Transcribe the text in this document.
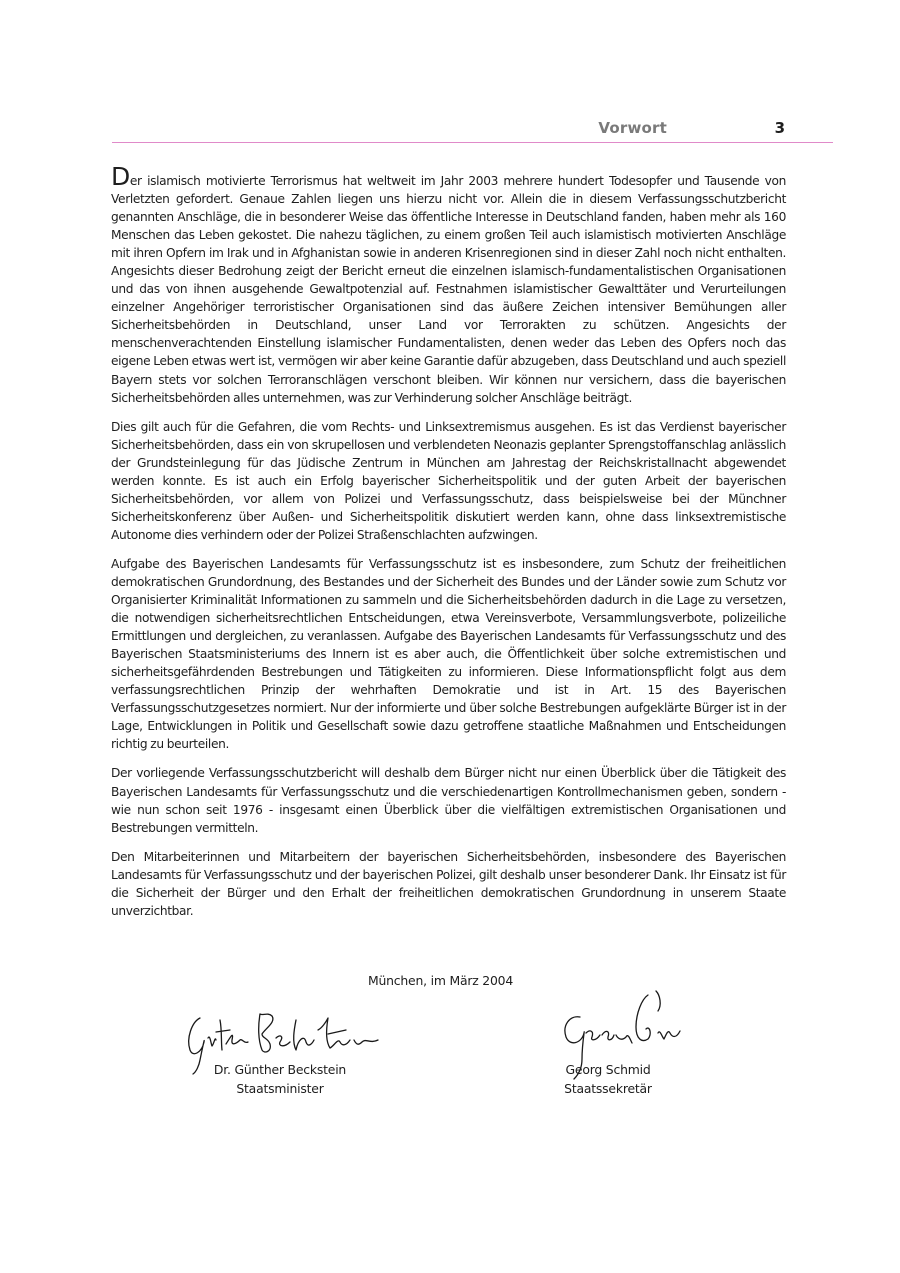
Vorwort	3

Der islamisch motivierte Terrorismus hat weltweit im Jahr 2003 mehrere hundert Todesopfer und Tausende von Verletzten gefordert. Genaue Zahlen liegen uns hierzu nicht vor. Allein die in diesem Verfassungsschutzbericht genannten Anschläge, die in besonderer Weise das öffentliche Interesse in Deutschland fanden, haben mehr als 160 Menschen das Leben gekostet. Die nahezu täglichen, zu einem großen Teil auch islamistisch motivierten Anschläge mit ihren Opfern im Irak und in Afghanistan sowie in anderen Krisenregionen sind in dieser Zahl noch nicht enthalten. Angesichts dieser Bedrohung zeigt der Bericht erneut die einzelnen islamisch-fundamentalistischen Organisationen und das von ihnen ausgehende Gewaltpotenzial auf. Festnahmen islamistischer Gewalttäter und Verurteilungen einzelner Angehöriger terroristischer Organisationen sind das äußere Zeichen intensiver Bemühungen aller Sicherheitsbehörden in Deutschland, unser Land vor Terrorakten zu schützen. Angesichts der menschenverachtenden Einstellung islamischer Fundamentalisten, denen weder das Leben des Opfers noch das eigene Leben etwas wert ist, vermögen wir aber keine Garantie dafür abzugeben, dass Deutschland und auch speziell Bayern stets vor solchen Terroranschlägen verschont bleiben. Wir können nur versichern, dass die bayerischen Sicherheitsbehörden alles unternehmen, was zur Verhinderung solcher Anschläge beiträgt.

Dies gilt auch für die Gefahren, die vom Rechts- und Linksextremismus ausgehen. Es ist das Verdienst bayerischer Sicherheitsbehörden, dass ein von skrupellosen und verblendeten Neonazis geplanter Sprengstoffanschlag anlässlich der Grundsteinlegung für das Jüdische Zentrum in München am Jahrestag der Reichskristallnacht abgewendet werden konnte. Es ist auch ein Erfolg bayerischer Sicherheitspolitik und der guten Arbeit der bayerischen Sicherheitsbehörden, vor allem von Polizei und Verfassungsschutz, dass beispielsweise bei der Münchner Sicherheitskonferenz über Außen- und Sicherheitspolitik diskutiert werden kann, ohne dass linksextremistische Autonome dies verhindern oder der Polizei Straßenschlachten aufzwingen.

Aufgabe des Bayerischen Landesamts für Verfassungsschutz ist es insbesondere, zum Schutz der freiheitlichen demokratischen Grundordnung, des Bestandes und der Sicherheit des Bundes und der Länder sowie zum Schutz vor Organisierter Kriminalität Informationen zu sammeln und die Sicherheitsbehörden dadurch in die Lage zu versetzen, die notwendigen sicherheitsrechtlichen Entscheidungen, etwa Vereinsverbote, Versammlungsverbote, polizeiliche Ermittlungen und dergleichen, zu veranlassen. Aufgabe des Bayerischen Landesamts für Verfassungsschutz und des Bayerischen Staatsministeriums des Innern ist es aber auch, die Öffentlichkeit über solche extremistischen und sicherheitsgefährdenden Bestrebungen und Tätigkeiten zu informieren. Diese Informationspflicht folgt aus dem verfassungsrechtlichen Prinzip der wehrhaften Demokratie und ist in Art. 15 des Bayerischen Verfassungsschutzgesetzes normiert. Nur der informierte und über solche Bestrebungen aufgeklärte Bürger ist in der Lage, Entwicklungen in Politik und Gesellschaft sowie dazu getroffene staatliche Maßnahmen und Entscheidungen richtig zu beurteilen.

Der vorliegende Verfassungsschutzbericht will deshalb dem Bürger nicht nur einen Überblick über die Tätigkeit des Bayerischen Landesamts für Verfassungsschutz und die verschiedenartigen Kontrollmechanismen geben, sondern - wie nun schon seit 1976 - insgesamt einen Überblick über die vielfältigen extremistischen Organisationen und Bestrebungen vermitteln.

Den Mitarbeiterinnen und Mitarbeitern der bayerischen Sicherheitsbehörden, insbesondere des Bayerischen Landesamts für Verfassungsschutz und der bayerischen Polizei, gilt deshalb unser besonderer Dank. Ihr Einsatz ist für die Sicherheit der Bürger und den Erhalt der freiheitlichen demokratischen Grundordnung in unserem Staate unverzichtbar.

München, im März 2004
Dr. Günther Beckstein
Staatsminister
Georg Schmid
Staatssekretär
